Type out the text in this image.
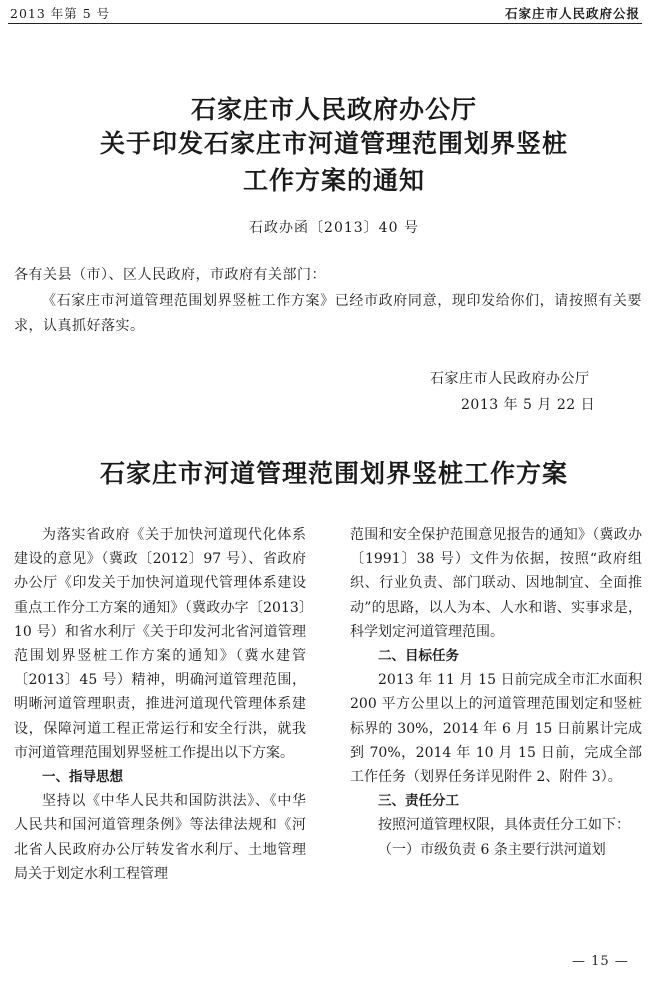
2013 年第 5 号	石家庄市人民政府公报
石家庄市人民政府办公厅
关于印发石家庄市河道管理范围划界竖桩
工作方案的通知
石政办函〔2013〕40 号
各有关县（市）、区人民政府，市政府有关部门：
《石家庄市河道管理范围划界竖桩工作方案》已经市政府同意，现印发给你们，请按照有关要求，认真抓好落实。
石家庄市人民政府办公厅
2013 年 5 月 22 日
石家庄市河道管理范围划界竖桩工作方案

为落实省政府《关于加快河道现代化体系建设的意见》（冀政〔2012〕97 号）、省政府办公厅《印发关于加快河道现代管理体系建设重点工作分工方案的通知》（冀政办字〔2013〕10 号）和省水利厅《关于印发河北省河道管理范围划界竖桩工作方案的通知》（冀水建管〔2013〕45 号）精神，明确河道管理范围，明晰河道管理职责，推进河道现代管理体系建设，保障河道工程正常运行和安全行洪，就我市河道管理范围划界竖桩工作提出以下方案。

一、指导思想

坚持以《中华人民共和国防洪法》、《中华人民共和国河道管理条例》等法律法规和《河北省人民政府办公厅转发省水利厅、土地管理局关于划定水利工程管理

范围和安全保护范围意见报告的通知》（冀政办〔1991〕38 号）文件为依据，按照“政府组织、行业负责、部门联动、因地制宜、全面推动”的思路，以人为本、人水和谐、实事求是，科学划定河道管理范围。

二、目标任务

2013 年 11 月 15 日前完成全市汇水面积 200 平方公里以上的河道管理范围划定和竖桩标界的 30%，2014 年 6 月 15 日前累计完成到 70%，2014 年 10 月 15 日前，完成全部工作任务（划界任务详见附件 2、附件 3）。

三、责任分工

按照河道管理权限，具体责任分工如下：

（一）市级负责 6 条主要行洪河道划

— 15 —
